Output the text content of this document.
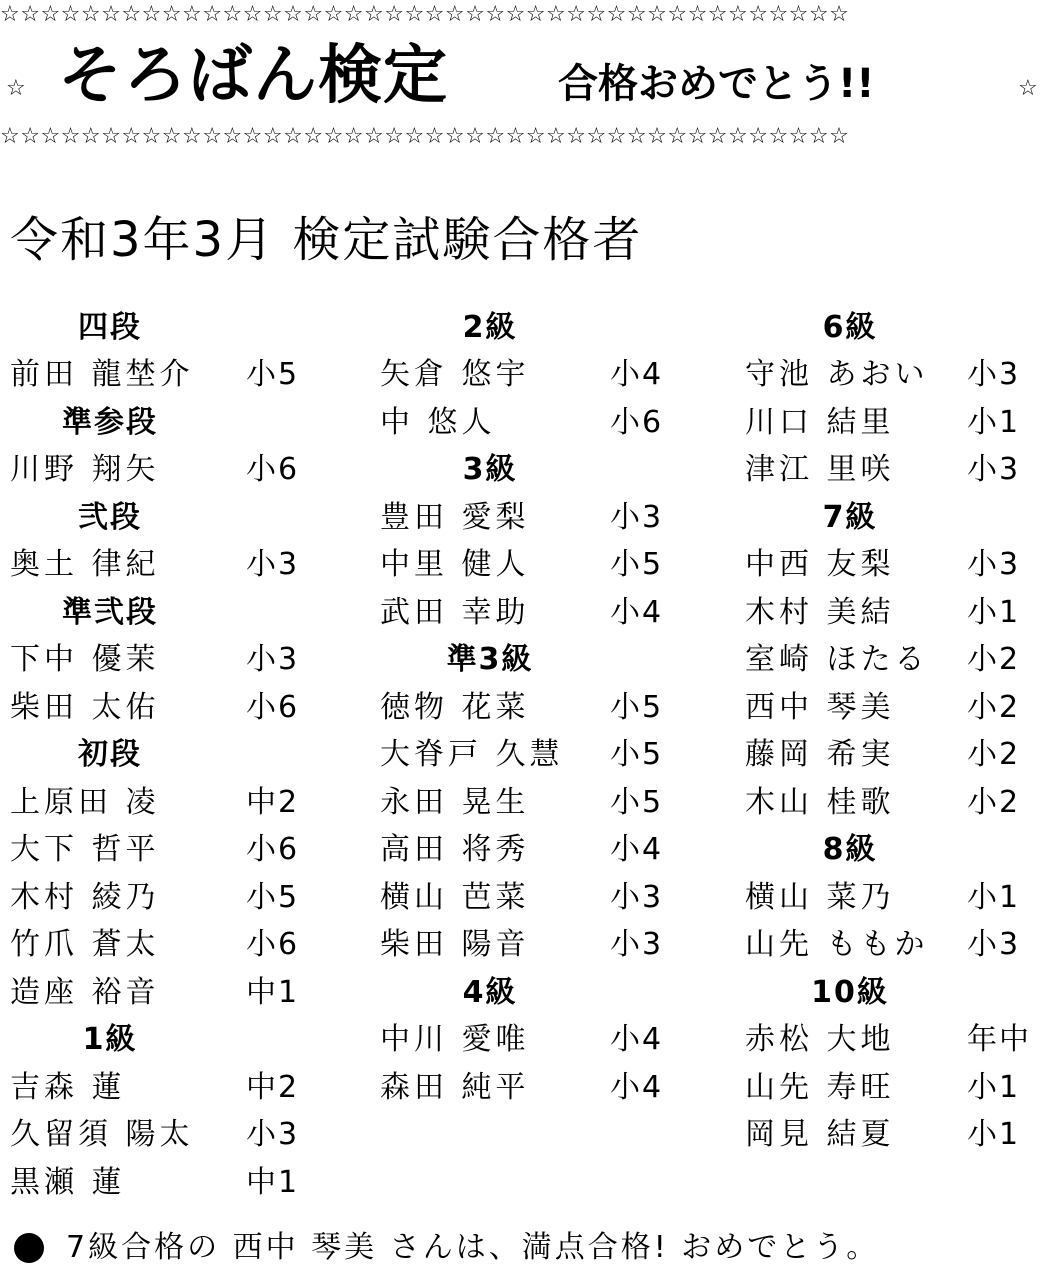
☆☆☆☆☆☆☆☆☆☆☆☆☆☆☆☆☆☆☆☆☆☆☆☆☆☆☆☆☆☆☆☆☆☆☆☆☆☆☆☆☆☆
☆ そろばん検定	合格おめでとう!!	☆
☆☆☆☆☆☆☆☆☆☆☆☆☆☆☆☆☆☆☆☆☆☆☆☆☆☆☆☆☆☆☆☆☆☆☆☆☆☆☆☆☆☆
令和3年3月 検定試験合格者
四段
前田 龍埜介	小5
準参段
川野 翔矢	小6
弐段
奥土 律紀	小3
準弐段
下中 優茉	小3
柴田 太佑	小6
初段
上原田 凌	中2
大下 哲平	小6
木村 綾乃	小5
竹爪 蒼太	小6
造座 裕音	中1
1級
吉森 蓮	中2
久留須 陽太	小3
黒瀬 蓮	中1
2級
矢倉 悠宇	小4
中 悠人	小6
3級
豊田 愛梨	小3
中里 健人	小5
武田 幸助	小4
準3級
徳物 花菜	小5
大脊戸 久慧	小5
永田 晃生	小5
高田 将秀	小4
横山 芭菜	小3
柴田 陽音	小3
4級
中川 愛唯	小4
森田 純平	小4
6級
守池 あおい	小3
川口 結里	小1
津江 里咲	小3
7級
中西 友梨	小3
木村 美結	小1
室崎 ほたる	小2
西中 琴美	小2
藤岡 希実	小2
木山 桂歌	小2
8級
横山 菜乃	小1
山先 ももか	小3
10級
赤松 大地	年中
山先 寿旺	小1
岡見 結夏	小1
7級合格の 西中 琴美 さんは、満点合格! おめでとう。
